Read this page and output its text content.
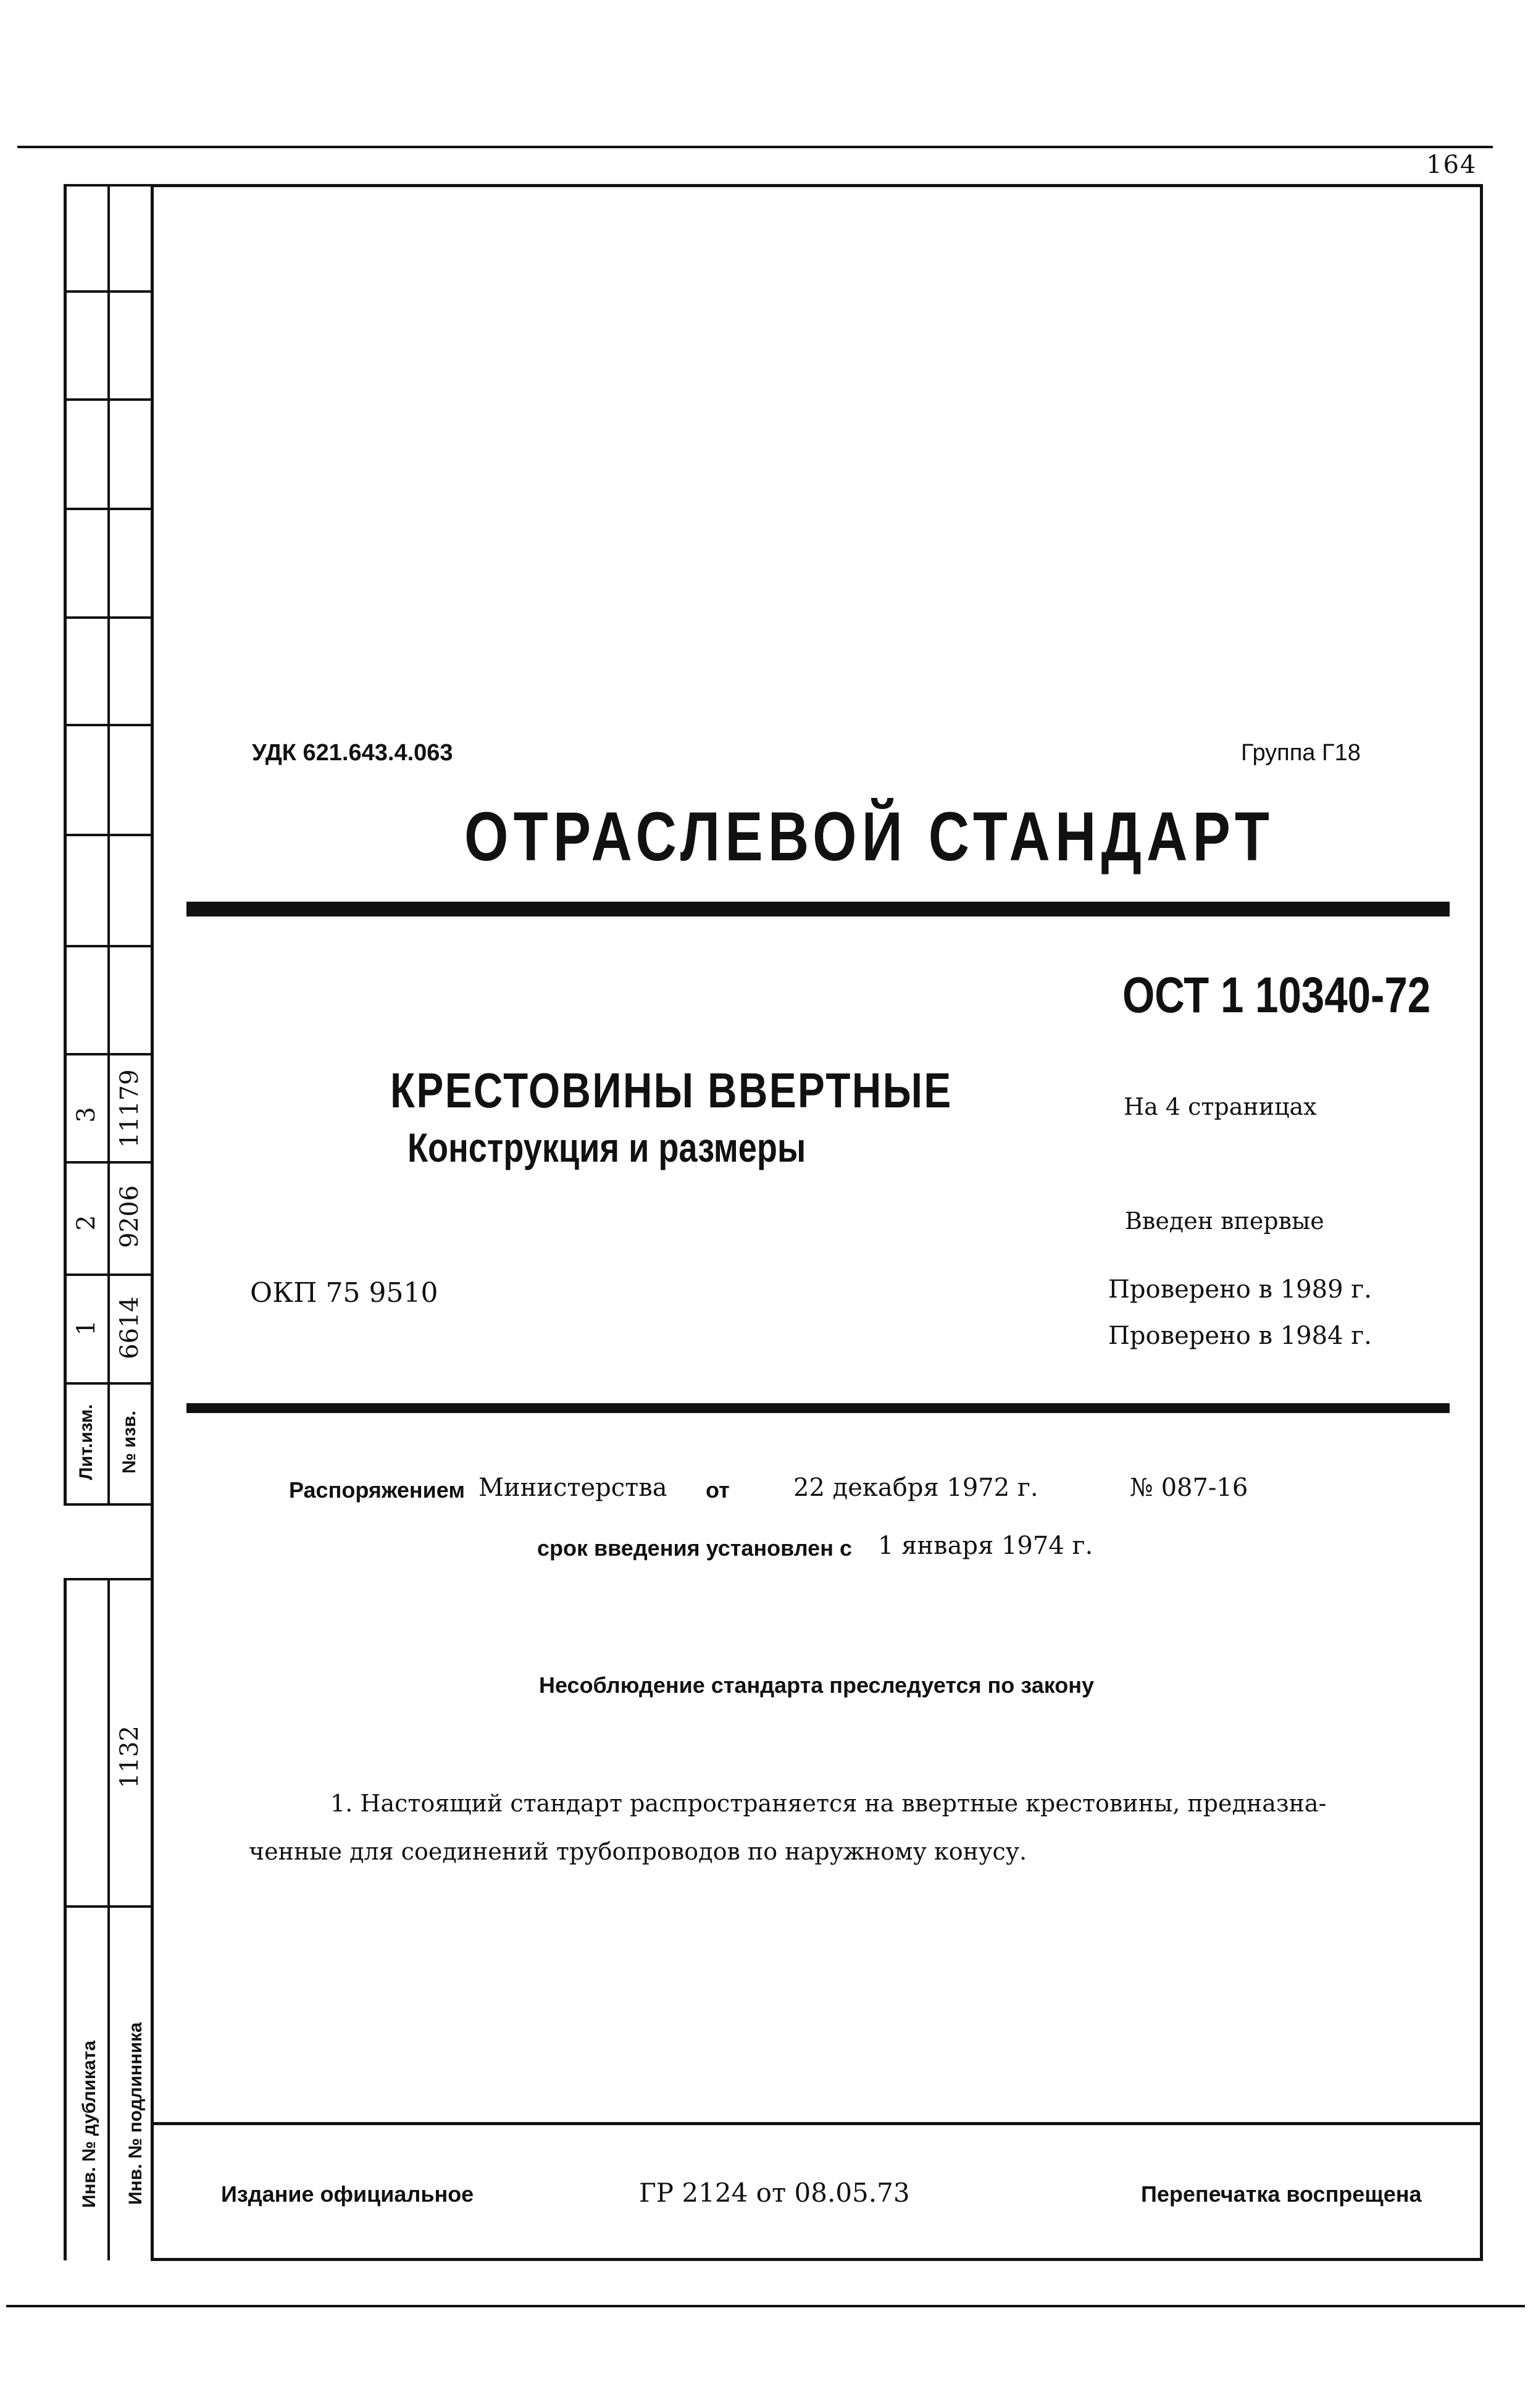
164
3 11179
2 9206
1 6614
Лит.изм.	№ изв.
1132
Инв. № дубликата	Инв. № подлинника
УДК 621.643.4.063	Группа Г18
ОТРАСЛЕВОЙ СТАНДАРТ
ОСТ 1 10340-72
КРЕСТОВИНЫ ВВЕРТНЫЕ
Конструкция и размеры
На 4 страницах
Введен впервые
Проверено в 1989 г.
Проверено в 1984 г.
ОКП 75 9510
Распоряжением Министерства от	22 декабря 1972 г.	№ 087-16
срок введения установлен с 1 января 1974 г.
Несоблюдение стандарта преследуется по закону
1. Настоящий стандарт распространяется на ввертные крестовины, предназна-
ченные для соединений трубопроводов по наружному конусу.
Издание официальное	ГР 2124 от 08.05.73	Перепечатка воспрещена
